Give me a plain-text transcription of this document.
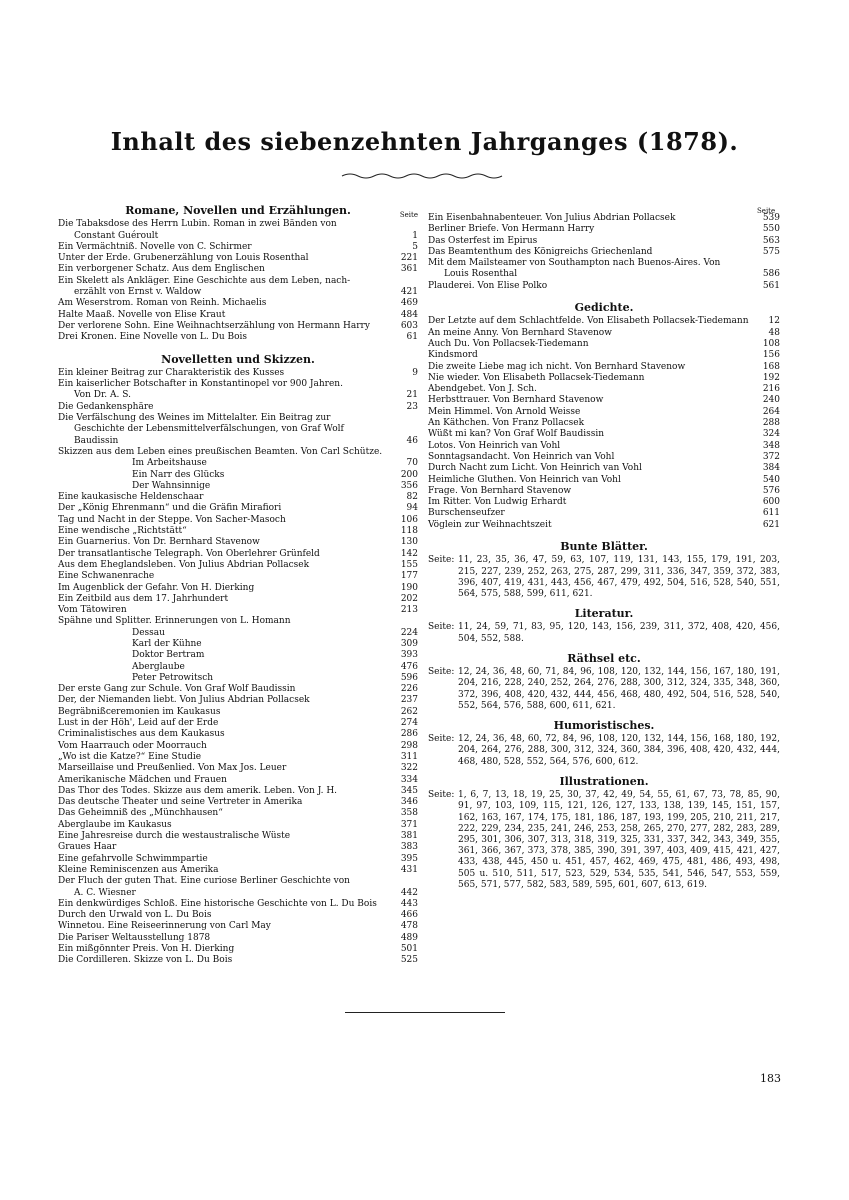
Inhalt des siebenzehnten Jahrganges (1878).
Romane, Novellen und Erzählungen.	Seite
Die Tabaksdose des Herrn Lubin. Roman in zwei Bänden von
Constant Guéroult	1
Ein Vermächtniß. Novelle von C. Schirmer	5
Unter der Erde. Grubenerzählung von Louis Rosenthal	221
Ein verborgener Schatz. Aus dem Englischen	361
Ein Skelett als Ankläger. Eine Geschichte aus dem Leben, nach-
erzählt von Ernst v. Waldow	421
Am Weserstrom. Roman von Reinh. Michaelis	469
Halte Maaß. Novelle von Elise Kraut	484
Der verlorene Sohn. Eine Weihnachtserzählung von Hermann Harry	603
Drei Kronen. Eine Novelle von L. Du Bois	61
Novelletten und Skizzen.
Ein kleiner Beitrag zur Charakteristik des Kusses	9
Ein kaiserlicher Botschafter in Konstantinopel vor 900 Jahren.
Von Dr. A. S.	21
Die Gedankensphäre	23
Die Verfälschung des Weines im Mittelalter. Ein Beitrag zur
Geschichte der Lebensmittelverfälschungen, von Graf Wolf
Baudissin	46
Skizzen aus dem Leben eines preußischen Beamten. Von Carl Schütze.
Im Arbeitshause	70
Ein Narr des Glücks	200
Der Wahnsinnige	356
Eine kaukasische Heldenschaar	82
Der „König Ehrenmann“ und die Gräfin Mirafiori	94
Tag und Nacht in der Steppe. Von Sacher-Masoch	106
Eine wendische „Richtstätt“	118
Ein Guarnerius. Von Dr. Bernhard Stavenow	130
Der transatlantische Telegraph. Von Oberlehrer Grünfeld	142
Aus dem Eheglandsleben. Von Julius Abdrian Pollacsek	155
Eine Schwanenrache	177
Im Augenblick der Gefahr. Von H. Dierking	190
Ein Zeitbild aus dem 17. Jahrhundert	202
Vom Tätowiren	213
Spähne und Splitter. Erinnerungen von L. Homann
Dessau	224
Karl der Kühne	309
Doktor Bertram	393
Aberglaube	476
Peter Petrowitsch	596
Der erste Gang zur Schule. Von Graf Wolf Baudissin	226
Der, der Niemanden liebt. Von Julius Abdrian Pollacsek	237
Begräbnißceremonien im Kaukasus	262
Lust in der Höh', Leid auf der Erde	274
Criminalistisches aus dem Kaukasus	286
Vom Haarrauch oder Moorrauch	298
„Wo ist die Katze?“ Eine Studie	311
Marseillaise und Preußenlied. Von Max Jos. Leuer	322
Amerikanische Mädchen und Frauen	334
Das Thor des Todes. Skizze aus dem amerik. Leben. Von J. H.	345
Das deutsche Theater und seine Vertreter in Amerika	346
Das Geheimniß des „Münchhausen“	358
Aberglaube im Kaukasus	371
Eine Jahresreise durch die westaustralische Wüste	381
Graues Haar	383
Eine gefahrvolle Schwimmpartie	395
Kleine Reminiscenzen aus Amerika	431
Der Fluch der guten That. Eine curiose Berliner Geschichte von
A. C. Wiesner	442
Ein denkwürdiges Schloß. Eine historische Geschichte von L. Du Bois	443
Durch den Urwald von L. Du Bois	466
Winnetou. Eine Reiseerinnerung von Carl May	478
Die Pariser Weltausstellung 1878	489
Ein mißgönnter Preis. Von H. Dierking	501
Die Cordilleren. Skizze von L. Du Bois	525
Seite
Ein Eisenbahnabenteuer. Von Julius Abdrian Pollacsek	539
Berliner Briefe. Von Hermann Harry	550
Das Osterfest im Epirus	563
Das Beamtenthum des Königreichs Griechenland	575
Mit dem Mailsteamer von Southampton nach Buenos-Aires. Von
Louis Rosenthal	586
Plauderei. Von Elise Polko	561
Gedichte.
Der Letzte auf dem Schlachtfelde. Von Elisabeth Pollacsek-Tiedemann	12
An meine Anny. Von Bernhard Stavenow	48
Auch Du. Von Pollacsek-Tiedemann	108
Kindsmord	156
Die zweite Liebe mag ich nicht. Von Bernhard Stavenow	168
Nie wieder. Von Elisabeth Pollacsek-Tiedemann	192
Abendgebet. Von J. Sch.	216
Herbsttrauer. Von Bernhard Stavenow	240
Mein Himmel. Von Arnold Weisse	264
An Käthchen. Von Franz Pollacsek	288
Wüßt mi kan? Von Graf Wolf Baudissin	324
Lotos. Von Heinrich van Vohl	348
Sonntagsandacht. Von Heinrich van Vohl	372
Durch Nacht zum Licht. Von Heinrich van Vohl	384
Heimliche Gluthen. Von Heinrich van Vohl	540
Frage. Von Bernhard Stavenow	576
Im Ritter. Von Ludwig Erhardt	600
Burschenseufzer	611
Vöglein zur Weihnachtszeit	621
Bunte Blätter.
Seite: 11, 23, 35, 36, 47, 59, 63, 107, 119, 131, 143, 155, 179, 191, 203, 215, 227, 239, 252, 263, 275, 287, 299, 311, 336, 347, 359, 372, 383, 396, 407, 419, 431, 443, 456, 467, 479, 492, 504, 516, 528, 540, 551, 564, 575, 588, 599, 611, 621.
Literatur.
Seite: 11, 24, 59, 71, 83, 95, 120, 143, 156, 239, 311, 372, 408, 420, 456, 504, 552, 588.
Räthsel etc.
Seite: 12, 24, 36, 48, 60, 71, 84, 96, 108, 120, 132, 144, 156, 167, 180, 191, 204, 216, 228, 240, 252, 264, 276, 288, 300, 312, 324, 335, 348, 360, 372, 396, 408, 420, 432, 444, 456, 468, 480, 492, 504, 516, 528, 540, 552, 564, 576, 588, 600, 611, 621.
Humoristisches.
Seite: 12, 24, 36, 48, 60, 72, 84, 96, 108, 120, 132, 144, 156, 168, 180, 192, 204, 264, 276, 288, 300, 312, 324, 360, 384, 396, 408, 420, 432, 444, 468, 480, 528, 552, 564, 576, 600, 612.
Illustrationen.
Seite: 1, 6, 7, 13, 18, 19, 25, 30, 37, 42, 49, 54, 55, 61, 67, 73, 78, 85, 90, 91, 97, 103, 109, 115, 121, 126, 127, 133, 138, 139, 145, 151, 157, 162, 163, 167, 174, 175, 181, 186, 187, 193, 199, 205, 210, 211, 217, 222, 229, 234, 235, 241, 246, 253, 258, 265, 270, 277, 282, 283, 289, 295, 301, 306, 307, 313, 318, 319, 325, 331, 337, 342, 343, 349, 355, 361, 366, 367, 373, 378, 385, 390, 391, 397, 403, 409, 415, 421, 427, 433, 438, 445, 450 u. 451, 457, 462, 469, 475, 481, 486, 493, 498, 505 u. 510, 511, 517, 523, 529, 534, 535, 541, 546, 547, 553, 559, 565, 571, 577, 582, 583, 589, 595, 601, 607, 613, 619.
183
